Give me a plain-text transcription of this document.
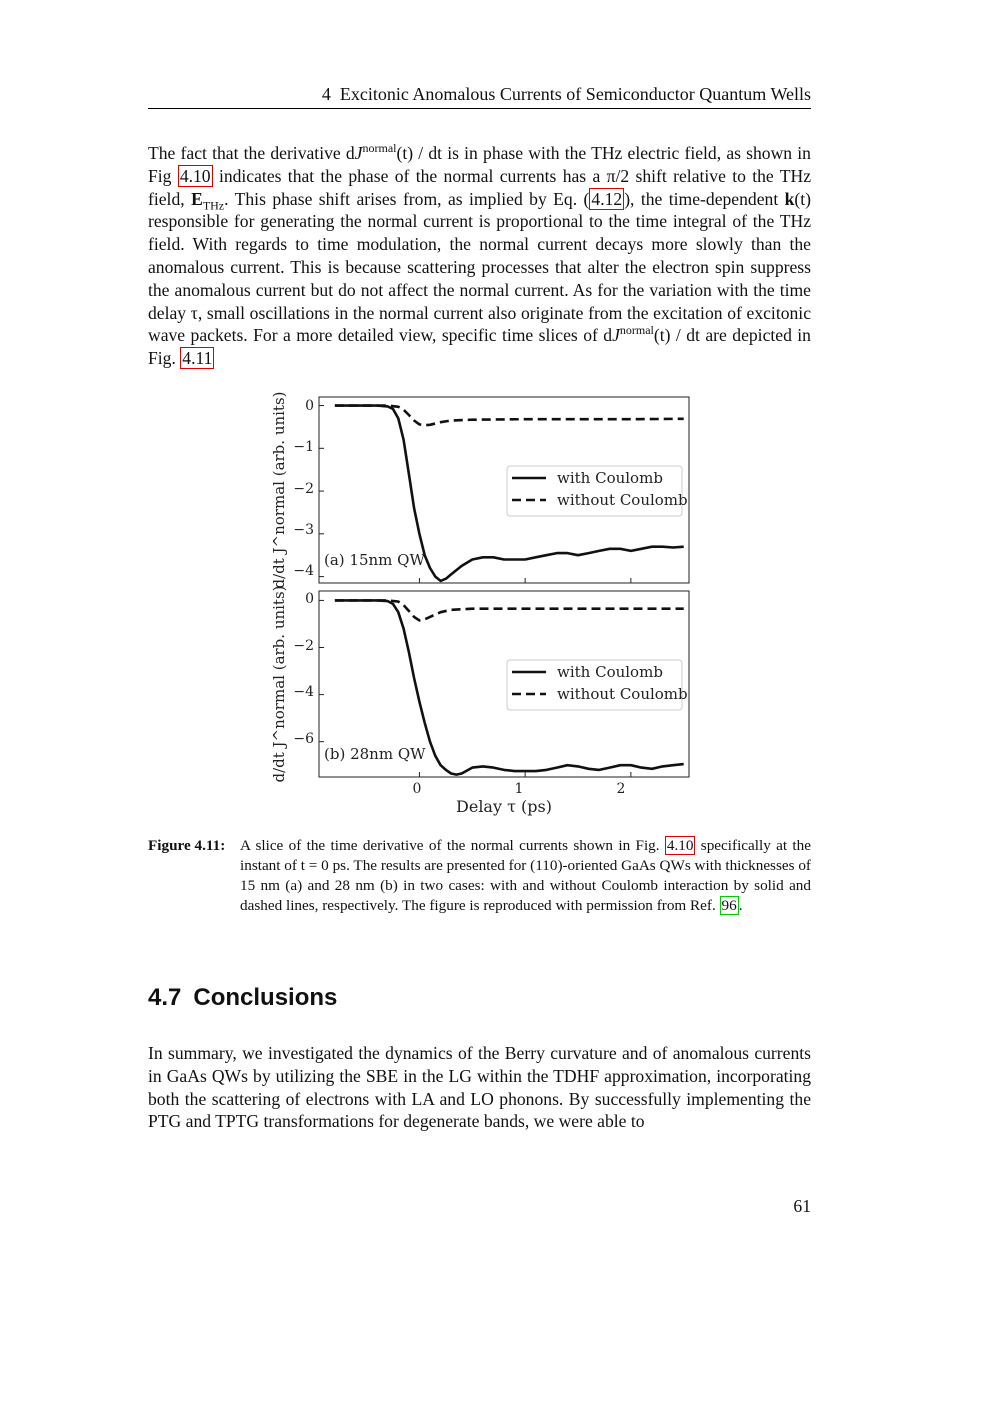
4 Excitonic Anomalous Currents of Semiconductor Quantum Wells

The fact that the derivative $dJ^{normal}(t)$ / dt is in phase with the THz electric field, as shown in Fig 4.10 indicates that the phase of the normal currents has a π/2 shift relative to the THz field, $E_{THz}$. This phase shift arises from, as implied by Eq. ( 4.12 ), the time-dependent k(t) responsible for generating the normal current is proportional to the time integral of the THz field. With regards to time modulation, the normal current decays more slowly than the anomalous current. This is because scattering processes that alter the electron spin suppress the anomalous current but do not affect the normal current. As for the variation with the time delay τ, small oscillations in the normal current also originate from the excitation of excitonic wave packets. For a more detailed view, specific time slices of $dJ^{normal}(t)$ / dt are depicted in Fig. 4.11

0
−1
−2
−3
−4
0
−2
−4
−6
0	1	2
Delay τ (ps)
d/dt J^normal (arb. units)
d/dt J^normal (arb. units)
(a) 15nm QW
(b) 28nm QW
with Coulomb
without Coulomb
with Coulomb
without Coulomb

Figure 4.11: A slice of the time derivative of the normal currents shown in Fig. 4.10 specifically at the instant of t = 0 ps. The results are presented for (110)-oriented GaAs QWs with thicknesses of 15 nm (a) and 28 nm (b) in two cases: with and without Coulomb interaction by solid and dashed lines, respectively. The figure is reproduced with permission from Ref. 96 .

4.7 Conclusions

In summary, we investigated the dynamics of the Berry curvature and of anomalous currents in GaAs QWs by utilizing the SBE in the LG within the TDHF approximation, incorporating both the scattering of electrons with LA and LO phonons. By successfully implementing the PTG and TPTG transformations for degenerate bands, we were able to

61
